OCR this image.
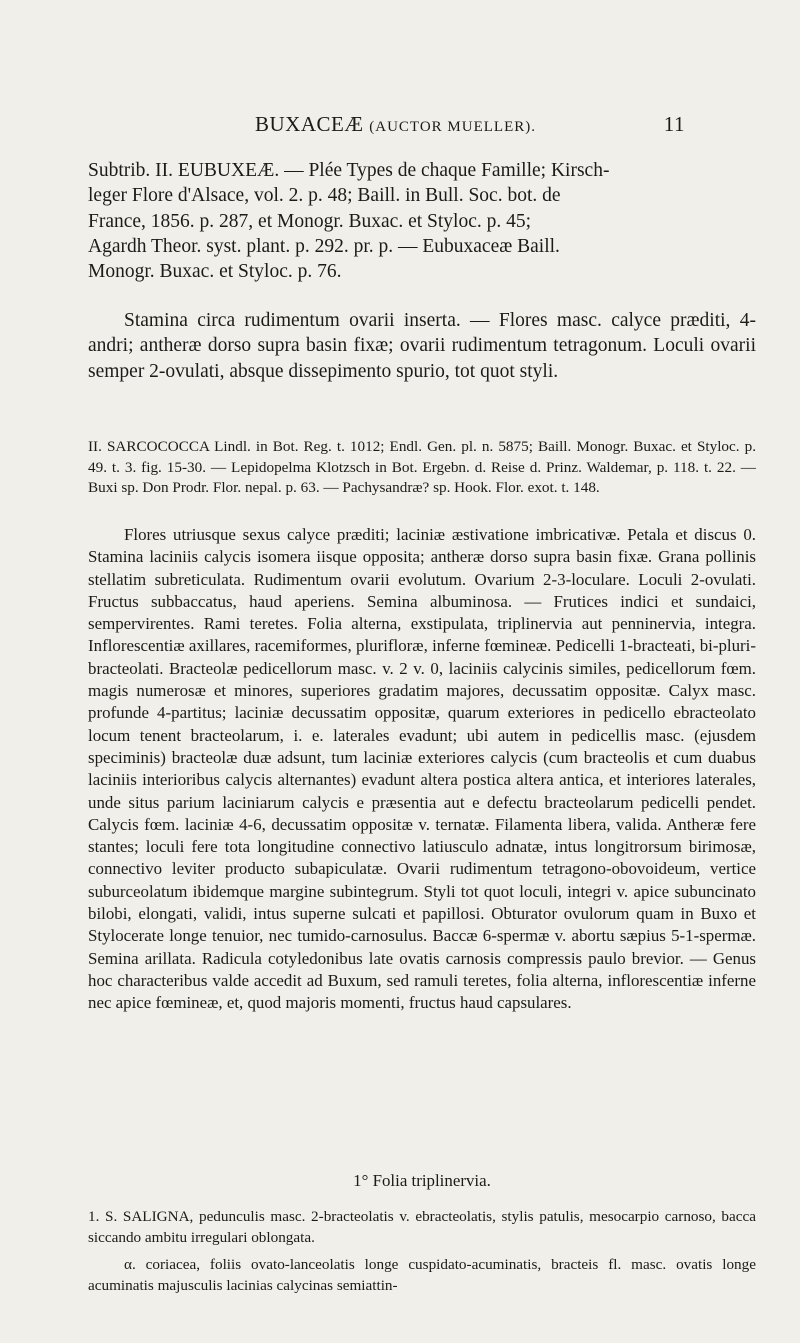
BUXACEÆ (AUCTOR MUELLER).	11
Subtrib. II. EUBUXEÆ. — Plée Types de chaque Famille; Kirsch-
leger Flore d'Alsace, vol. 2. p. 48; Baill. in Bull. Soc. bot. de
France, 1856. p. 287, et Monogr. Buxac. et Styloc. p. 45;
Agardh Theor. syst. plant. p. 292. pr. p. — Eubuxaceæ Baill.
Monogr. Buxac. et Styloc. p. 76.

Stamina circa rudimentum ovarii inserta. — Flores masc. calyce præditi, 4-andri; antheræ dorso supra basin fixæ; ovarii rudimentum tetragonum. Loculi ovarii semper 2-ovulati, absque dissepimento spurio, tot quot styli.

II. SARCOCOCCA Lindl. in Bot. Reg. t. 1012; Endl. Gen. pl. n. 5875; Baill. Monogr. Buxac. et Styloc. p. 49. t. 3. fig. 15-30. — Lepidopelma Klotzsch in Bot. Ergebn. d. Reise d. Prinz. Waldemar, p. 118. t. 22. — Buxi sp. Don Prodr. Flor. nepal. p. 63. — Pachysandræ? sp. Hook. Flor. exot. t. 148.

Flores utriusque sexus calyce præditi; laciniæ æstivatione imbricativæ. Petala et discus 0. Stamina laciniis calycis isomera iisque opposita; antheræ dorso supra basin fixæ. Grana pollinis stellatim subreticulata. Rudimentum ovarii evolutum. Ovarium 2-3-loculare. Loculi 2-ovulati. Fructus subbaccatus, haud aperiens. Semina albuminosa. — Frutices indici et sundaici, sempervirentes. Rami teretes. Folia alterna, exstipulata, triplinervia aut penninervia, integra. Inflorescentiæ axillares, racemiformes, pluriflоræ, inferne fœmineæ. Pedicelli 1-bracteati, bi-pluri-bracteolati. Bracteolæ pedicellorum masc. v. 2 v. 0, laciniis calycinis similes, pedicellorum fœm. magis numerosæ et minores, superiores gradatim majores, decussatim oppositæ. Calyx masc. profunde 4-partitus; laciniæ decussatim oppositæ, quarum exteriores in pedicello ebracteolato locum tenent bracteolarum, i. e. laterales evadunt; ubi autem in pedicellis masc. (ejusdem speciminis) bracteolæ duæ adsunt, tum laciniæ exteriores calycis (cum bracteolis et cum duabus laciniis interioribus calycis alternantes) evadunt altera postica altera antica, et interiores laterales, unde situs parium laciniarum calycis e præsentia aut e defectu bracteolarum pedicelli pendet. Calycis fœm. laciniæ 4-6, decussatim oppositæ v. ternatæ. Filamenta libera, valida. Antheræ fere stantes; loculi fere tota longitudine connectivo latiusculo adnatæ, intus longitrorsum birimosæ, connectivo leviter producto subapiculatæ. Ovarii rudimentum tetragono-obovoideum, vertice suburceolatum ibidemque margine subintegrum. Styli tot quot loculi, integri v. apice subuncinato bilobi, elongati, validi, intus superne sulcati et papillosi. Obturator ovulorum quam in Buxo et Stylocerate longe tenuior, nec tumido-carnosulus. Baccæ 6-spermæ v. abortu sæpius 5-1-spermæ. Semina arillata. Radicula cotyledonibus late ovatis carnosis compressis paulo brevior. — Genus hoc characteribus valde accedit ad Buxum, sed ramuli teretes, folia alterna, inflorescentiæ inferne nec apice fœmineæ, et, quod majoris momenti, fructus haud capsulares.

1° Folia triplinervia.

1. S. SALIGNA, pedunculis masc. 2-bracteolatis v. ebracteolatis, stylis patulis, mesocarpio carnoso, bacca siccando ambitu irregulari oblongata.

α. coriacea, foliis ovato-lanceolatis longe cuspidato-acuminatis, bracteis fl. masc. ovatis longe acuminatis majusculis lacinias calycinas semiattin-
